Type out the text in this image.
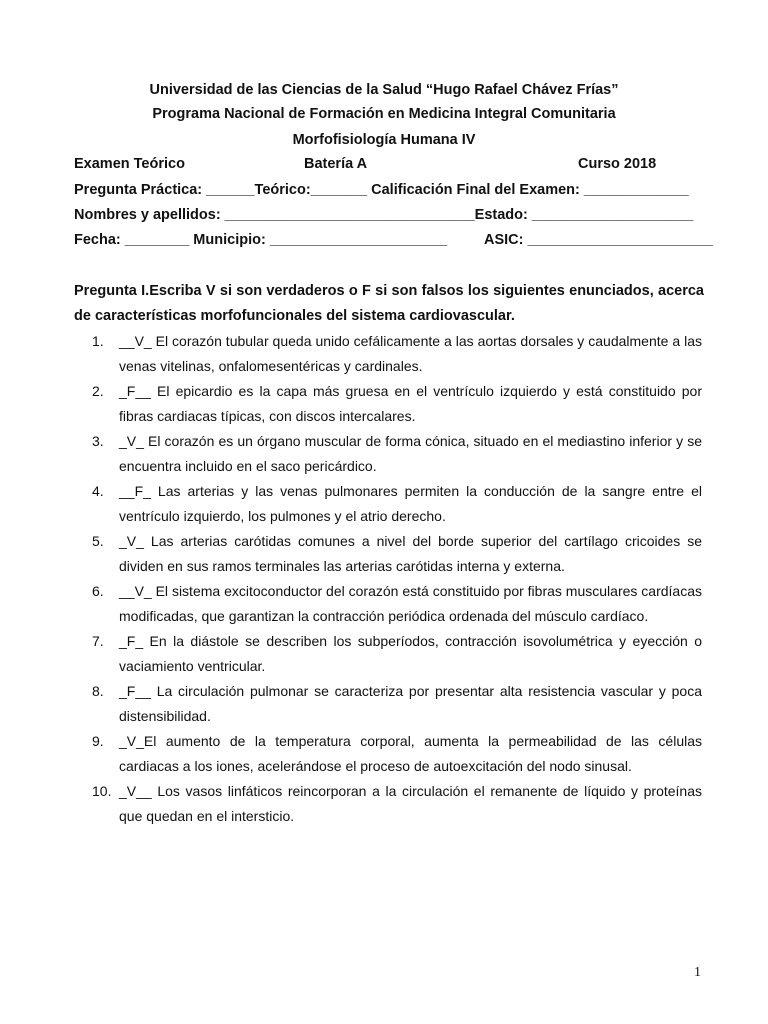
Universidad de las Ciencias de la Salud “Hugo Rafael Chávez Frías”
Programa Nacional de Formación en Medicina Integral Comunitaria
Morfofisiología Humana IV
Examen Teórico	Batería A	Curso 2018
Pregunta Práctica: ______Teórico:_______ Calificación Final del Examen: _____________
Nombres y apellidos: _______________________________Estado: ____________________
Fecha: ________ Municipio: ______________________	ASIC: _______________________
Pregunta I.Escriba V si son verdaderos o F si son falsos los siguientes enunciados, acerca de características morfofuncionales del sistema cardiovascular.
1.	__V_ El corazón tubular queda unido cefálicamente a las aortas dorsales y caudalmente a las venas vitelinas, onfalomesentéricas y cardinales.
2.	_F__ El epicardio es la capa más gruesa en el ventrículo izquierdo y está constituido por fibras cardiacas típicas, con discos intercalares.
3.	_V_ El corazón es un órgano muscular de forma cónica, situado en el mediastino inferior y se encuentra incluido en el saco pericárdico.
4.	__F_ Las arterias y las venas pulmonares permiten la conducción de la sangre entre el ventrículo izquierdo, los pulmones y el atrio derecho.
5.	_V_ Las arterias carótidas comunes a nivel del borde superior del cartílago cricoides se dividen en sus ramos terminales las arterias carótidas interna y externa.
6.	__V_ El sistema excitoconductor del corazón está constituido por fibras musculares cardíacas modificadas, que garantizan la contracción periódica ordenada del músculo cardíaco.
7.	_F_ En la diástole se describen los subperíodos, contracción isovolumétrica y eyección o vaciamiento ventricular.
8.	_F__ La circulación pulmonar se caracteriza por presentar alta resistencia vascular y poca distensibilidad.
9.	_V_El aumento de la temperatura corporal, aumenta la permeabilidad de las células cardiacas a los iones, acelerándose el proceso de autoexcitación del nodo sinusal.
10. _V__ Los vasos linfáticos reincorporan a la circulación el remanente de líquido y proteínas que quedan en el intersticio.
1
